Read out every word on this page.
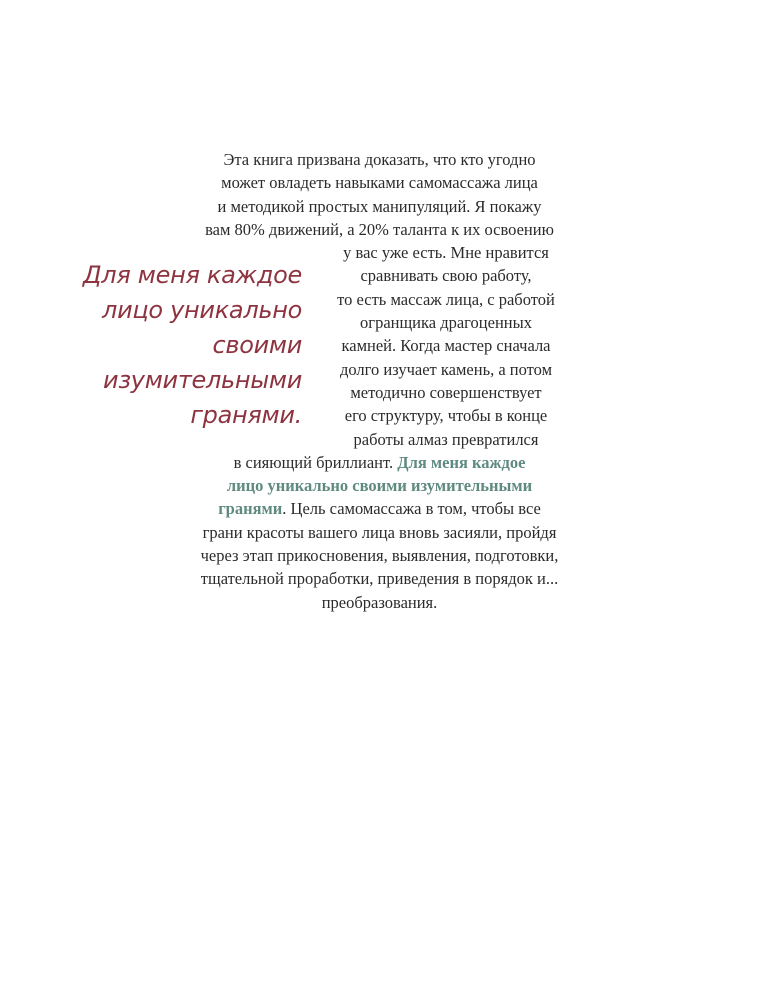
Для меня каждое
лицо уникально
своими
изумительными
гранями.
Эта книга призвана доказать, что кто угодно
может овладеть навыками самомассажа лица
и методикой простых манипуляций. Я покажу
вам 80% движений, а 20% таланта к их освоению
у вас уже есть. Мне нравится
сравнивать свою работу,
то есть массаж лица, с работой
огранщика драгоценных
камней. Когда мастер сначала
долго изучает камень, а потом
методично совершенствует
его структуру, чтобы в конце
работы алмаз превратился
в сияющий бриллиант. Для меня каждое
лицо уникально своими изумительными
гранями. Цель самомассажа в том, чтобы все
грани красоты вашего лица вновь засияли, пройдя
через этап прикосновения, выявления, подготовки,
тщательной проработки, приведения в порядок и...
преобразования.
